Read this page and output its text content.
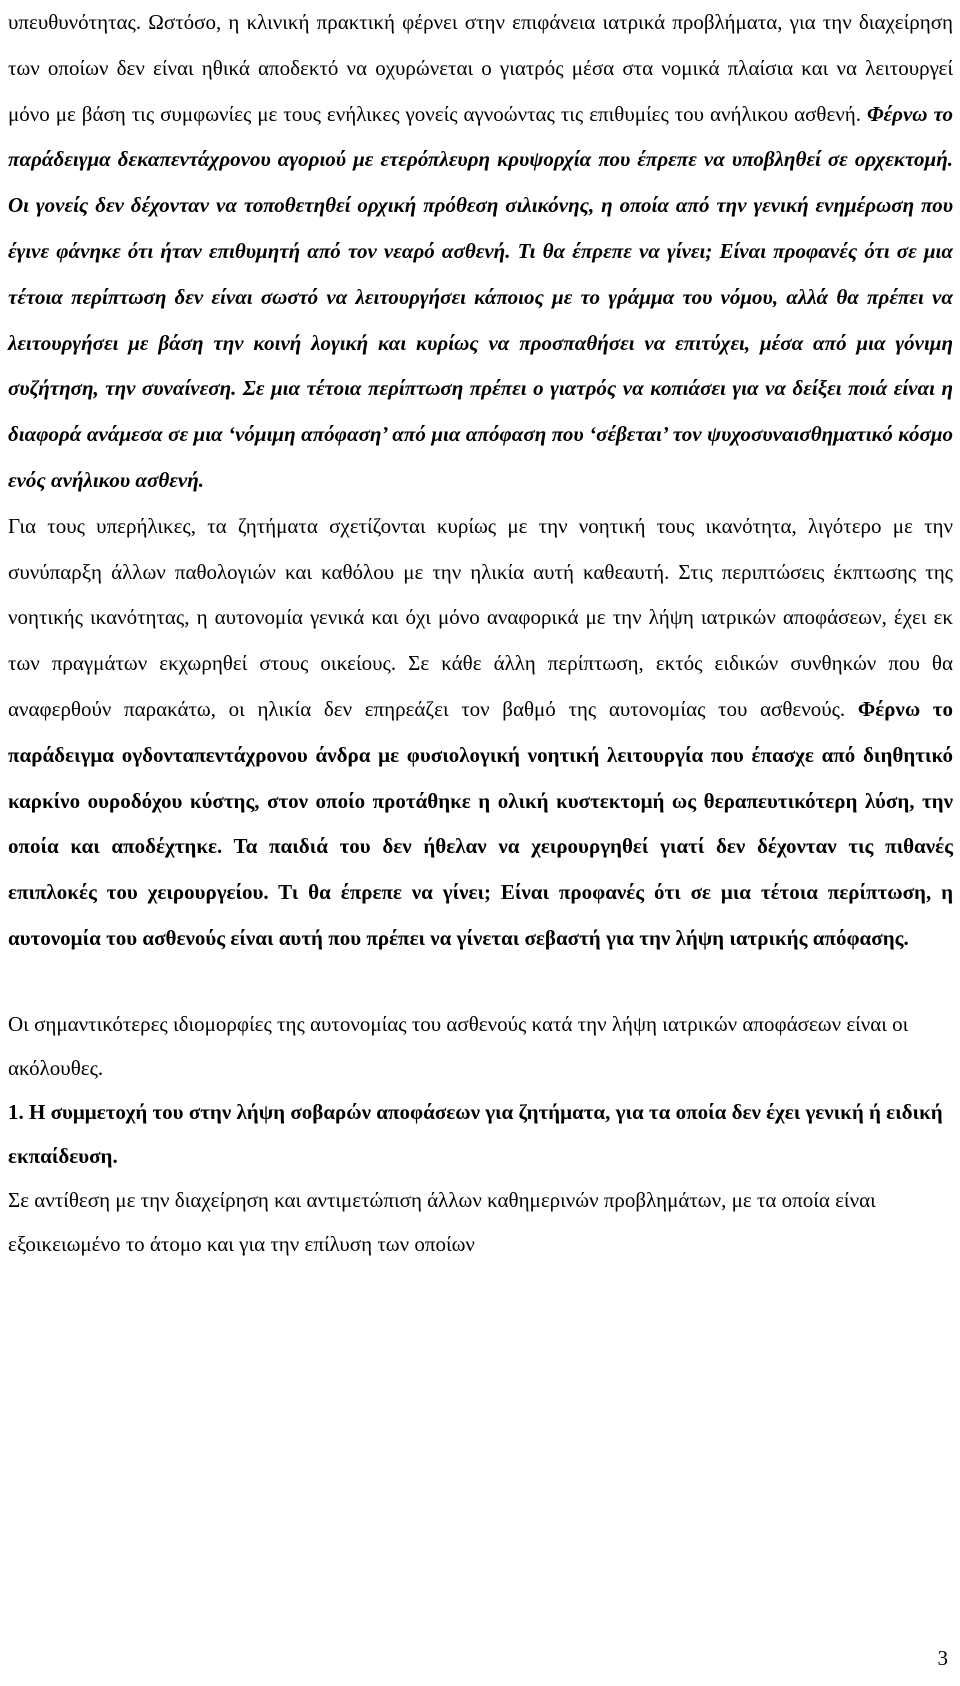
υπευθυνότητας. Ωστόσο, η κλινική πρακτική φέρνει στην επιφάνεια ιατρικά προβλήματα, για την διαχείρηση των οποίων δεν είναι ηθικά αποδεκτό να οχυρώνεται ο γιατρός μέσα στα νομικά πλαίσια και να λειτουργεί μόνο με βάση τις συμφωνίες με τους ενήλικες γονείς αγνοώντας τις επιθυμίες του ανήλικου ασθενή. Φέρνω το παράδειγμα δεκαπεντάχρονου αγοριού με ετερόπλευρη κρυψορχία που έπρεπε να υποβληθεί σε ορχεκτομή. Οι γονείς δεν δέχονταν να τοποθετηθεί ορχική πρόθεση σιλικόνης, η οποία από την γενική ενημέρωση που έγινε φάνηκε ότι ήταν επιθυμητή από τον νεαρό ασθενή. Τι θα έπρεπε να γίνει; Είναι προφανές ότι σε μια τέτοια περίπτωση δεν είναι σωστό να λειτουργήσει κάποιος με το γράμμα του νόμου, αλλά θα πρέπει να λειτουργήσει με βάση την κοινή λογική και κυρίως να προσπαθήσει να επιτύχει, μέσα από μια γόνιμη συζήτηση, την συναίνεση. Σε μια τέτοια περίπτωση πρέπει ο γιατρός να κοπιάσει για να δείξει ποιά είναι η διαφορά ανάμεσα σε μια ‘νόμιμη απόφαση’ από μια απόφαση που ‘σέβεται’ τον ψυχοσυναισθηματικό κόσμο ενός ανήλικου ασθενή.

Για τους υπερήλικες, τα ζητήματα σχετίζονται κυρίως με την νοητική τους ικανότητα, λιγότερο με την συνύπαρξη άλλων παθολογιών και καθόλου με την ηλικία αυτή καθεαυτή. Στις περιπτώσεις έκπτωσης της νοητικής ικανότητας, η αυτονομία γενικά και όχι μόνο αναφορικά με την λήψη ιατρικών αποφάσεων, έχει εκ των πραγμάτων εκχωρηθεί στους οικείους. Σε κάθε άλλη περίπτωση, εκτός ειδικών συνθηκών που θα αναφερθούν παρακάτω, οι ηλικία δεν επηρεάζει τον βαθμό της αυτονομίας του ασθενούς. Φέρνω το παράδειγμα ογδονταπεντάχρονου άνδρα με φυσιολογική νοητική λειτουργία που έπασχε από διηθητικό καρκίνο ουροδόχου κύστης, στον οποίο προτάθηκε η ολική κυστεκτομή ως θεραπευτικότερη λύση, την οποία και αποδέχτηκε. Τα παιδιά του δεν ήθελαν να χειρουργηθεί γιατί δεν δέχονταν τις πιθανές επιπλοκές του χειρουργείου. Τι θα έπρεπε να γίνει; Είναι προφανές ότι σε μια τέτοια περίπτωση, η αυτονομία του ασθενούς είναι αυτή που πρέπει να γίνεται σεβαστή για την λήψη ιατρικής απόφασης.

Οι σημαντικότερες ιδιομορφίες της αυτονομίας του ασθενούς κατά την λήψη ιατρικών αποφάσεων είναι οι ακόλουθες.

1. Η συμμετοχή του στην λήψη σοβαρών αποφάσεων για ζητήματα, για τα οποία δεν έχει γενική ή ειδική εκπαίδευση.

Σε αντίθεση με την διαχείρηση και αντιμετώπιση άλλων καθημερινών προβλημάτων, με τα οποία είναι εξοικειωμένο το άτομο και για την επίλυση των οποίων

3
